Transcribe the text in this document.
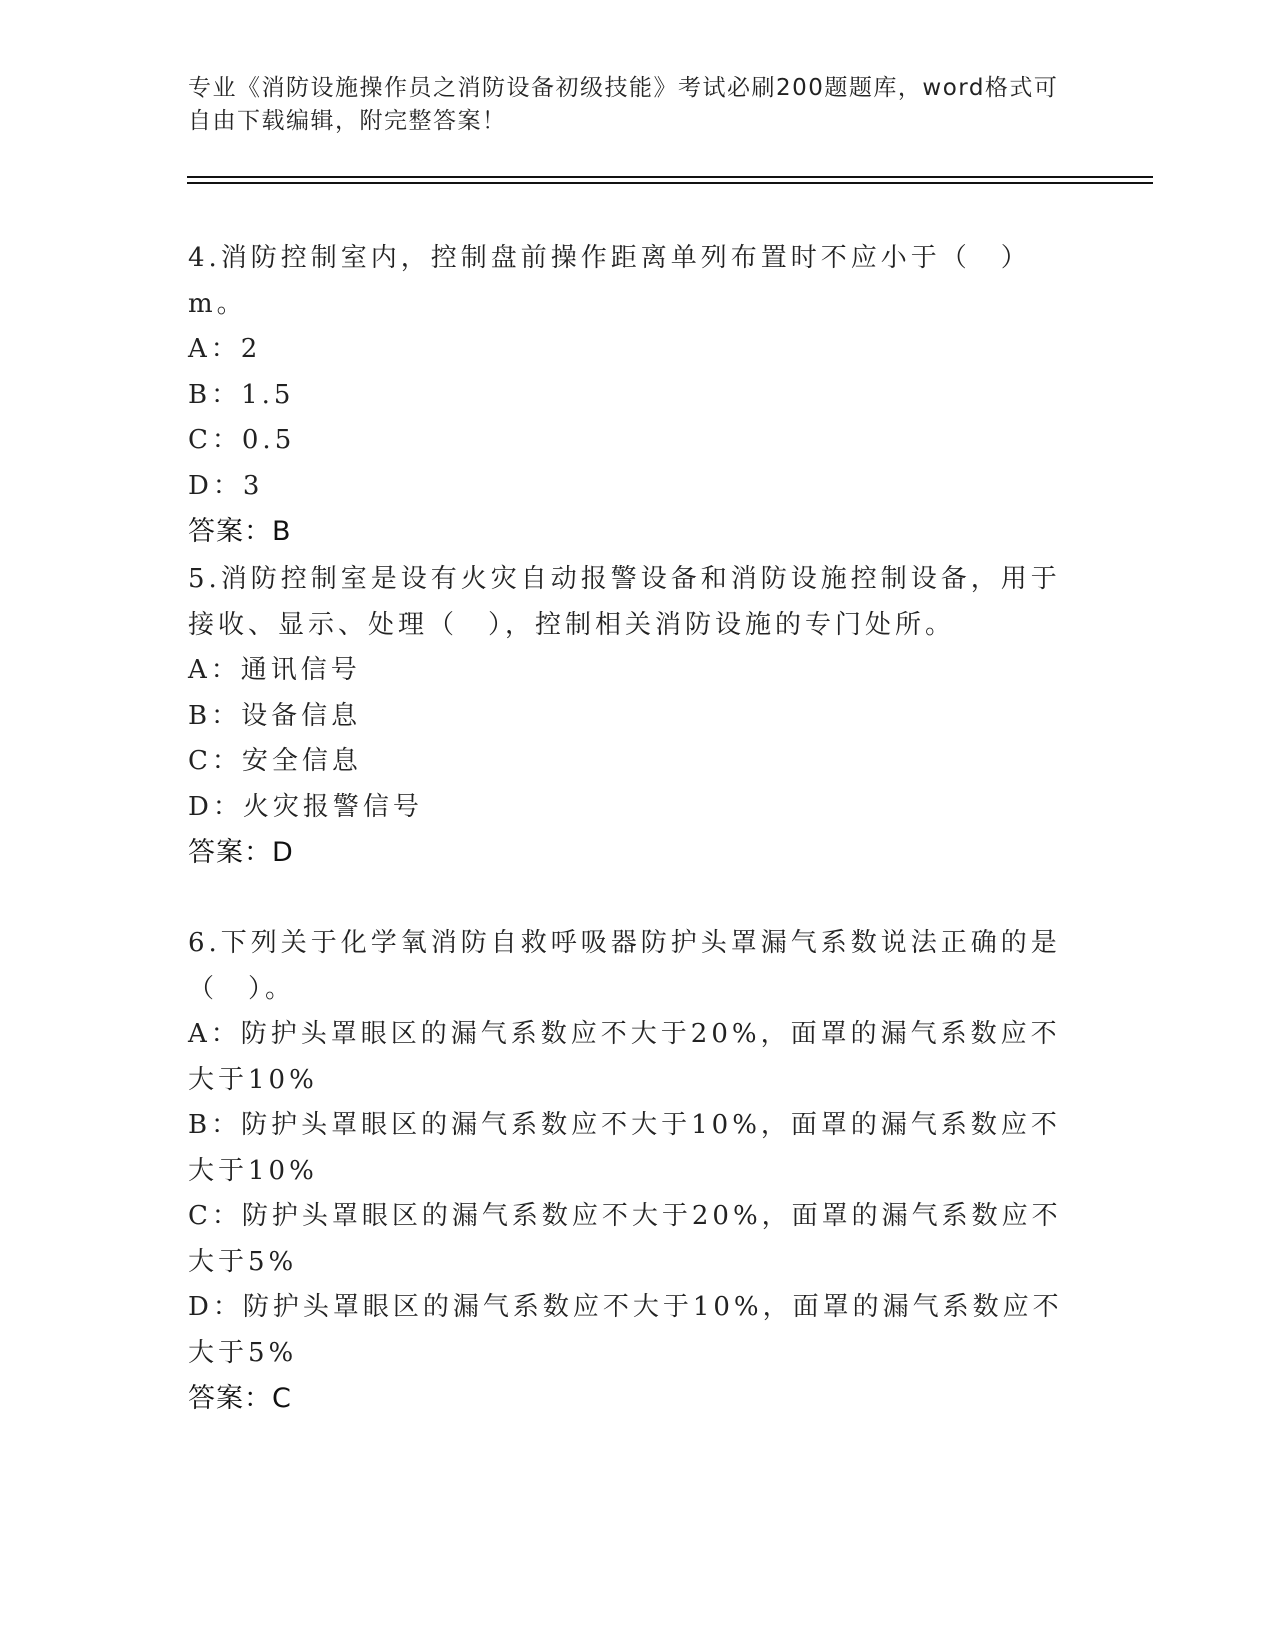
专业《消防设施操作员之消防设备初级技能》考试必刷200题题库，word格式可自由下载编辑，附完整答案！

4.消防控制室内，控制盘前操作距离单列布置时不应小于（　）m。

A：2

B：1.5

C：0.5

D：3

答案：B

5.消防控制室是设有火灾自动报警设备和消防设施控制设备，用于接收、显示、处理（　），控制相关消防设施的专门处所。

A：通讯信号

B：设备信息

C：安全信息

D：火灾报警信号

答案：D

6.下列关于化学氧消防自救呼吸器防护头罩漏气系数说法正确的是（　）。

A：防护头罩眼区的漏气系数应不大于20%，面罩的漏气系数应不大于10%

B：防护头罩眼区的漏气系数应不大于10%，面罩的漏气系数应不大于10%

C：防护头罩眼区的漏气系数应不大于20%，面罩的漏气系数应不大于5%

D：防护头罩眼区的漏气系数应不大于10%，面罩的漏气系数应不大于5%

答案：C
